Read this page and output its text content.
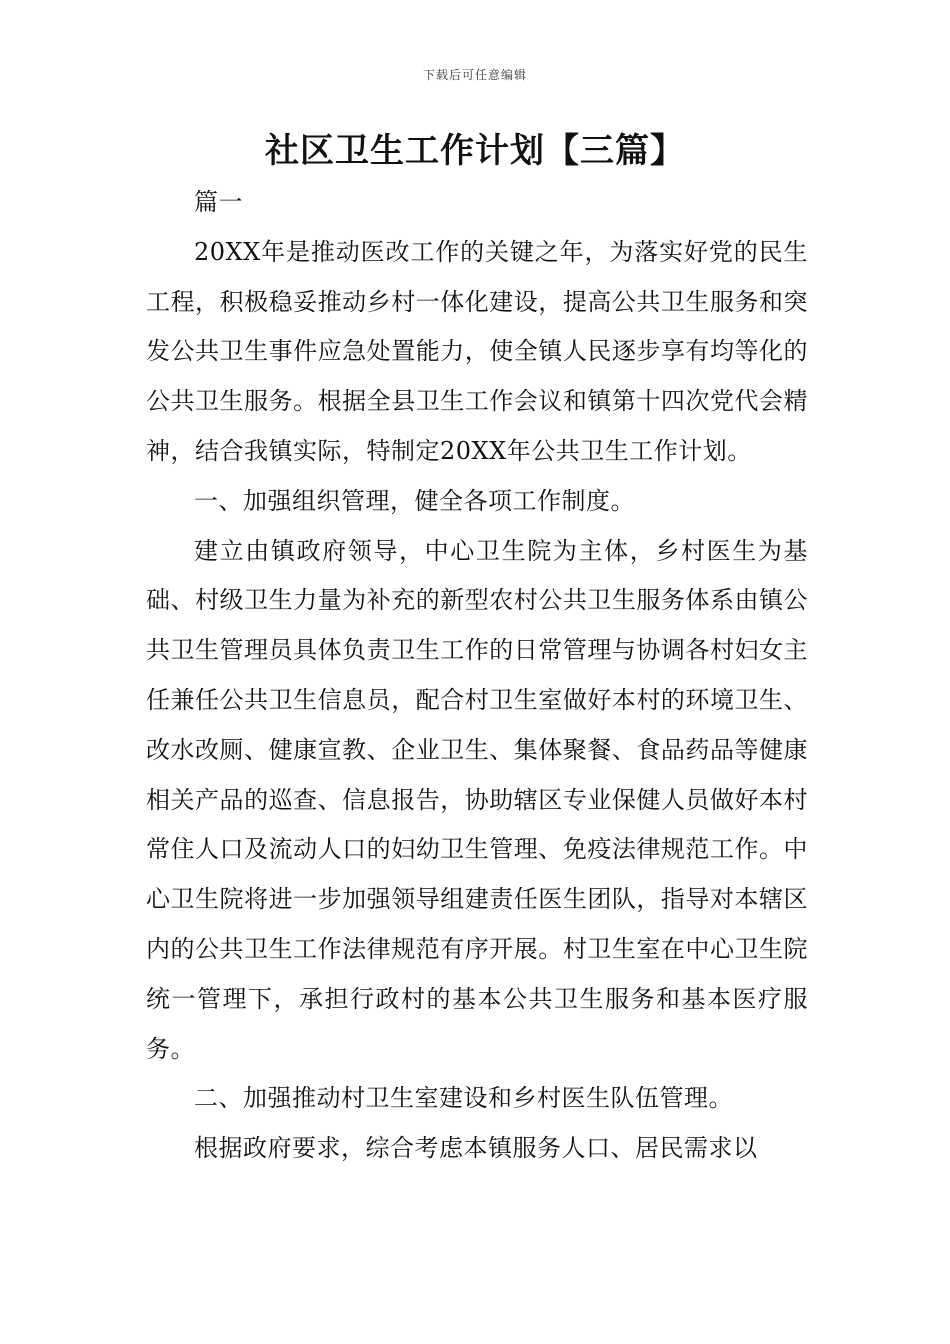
下载后可任意编辑
社区卫生工作计划【三篇】

篇一

20XX年是推动医改工作的关键之年，为落实好党的民生工程，积极稳妥推动乡村一体化建设，提高公共卫生服务和突发公共卫生事件应急处置能力，使全镇人民逐步享有均等化的公共卫生服务。根据全县卫生工作会议和镇第十四次党代会精神，结合我镇实际，特制定20XX年公共卫生工作计划。

一、加强组织管理，健全各项工作制度。

建立由镇政府领导，中心卫生院为主体，乡村医生为基础、村级卫生力量为补充的新型农村公共卫生服务体系由镇公共卫生管理员具体负责卫生工作的日常管理与协调各村妇女主任兼任公共卫生信息员，配合村卫生室做好本村的环境卫生、改水改厕、健康宣教、企业卫生、集体聚餐、食品药品等健康相关产品的巡查、信息报告，协助辖区专业保健人员做好本村常住人口及流动人口的妇幼卫生管理、免疫法律规范工作。中心卫生院将进一步加强领导组建责任医生团队，指导对本辖区内的公共卫生工作法律规范有序开展。村卫生室在中心卫生院统一管理下，承担行政村的基本公共卫生服务和基本医疗服务。

二、加强推动村卫生室建设和乡村医生队伍管理。

根据政府要求，综合考虑本镇服务人口、居民需求以
